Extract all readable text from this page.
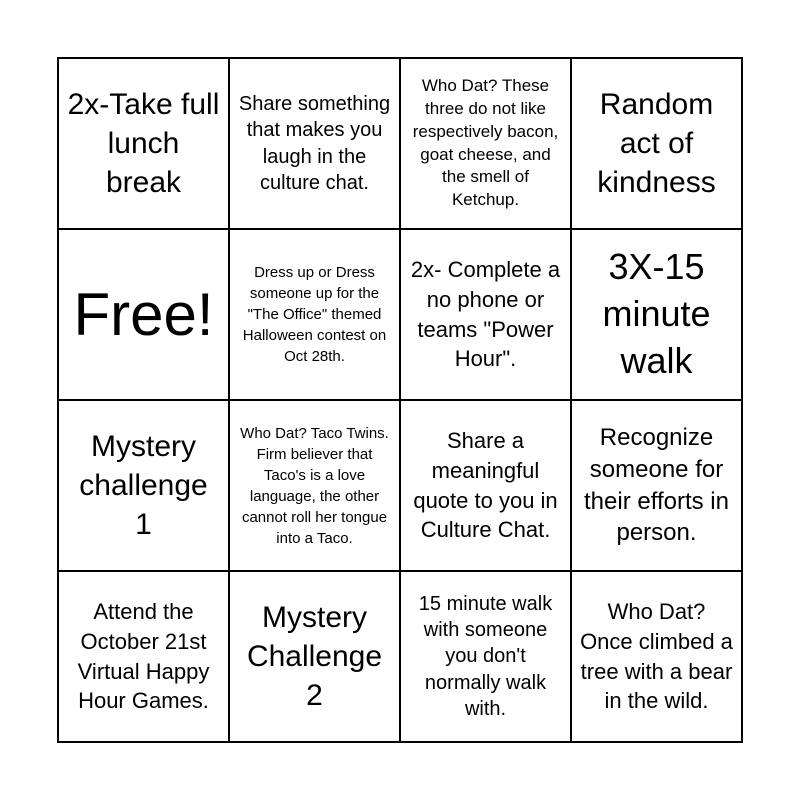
2x-Take full lunch break
Share something that makes you laugh in the culture chat.
Who Dat? These three do not like respectively bacon, goat cheese, and the smell of Ketchup.
Random act of kindness
Free!
Dress up or Dress someone up for the "The Office" themed Halloween contest on Oct 28th.
2x- Complete a no phone or teams "Power Hour".
3X-15 minute walk
Mystery challenge 1
Who Dat? Taco Twins. Firm believer that Taco's is a love language, the other cannot roll her tongue into a Taco.
Share a meaningful quote to you in Culture Chat.
Recognize someone for their efforts in person.
Attend the October 21st Virtual Happy Hour Games.
Mystery Challenge 2
15 minute walk with someone you don't normally walk with.
Who Dat? Once climbed a tree with a bear in the wild.
